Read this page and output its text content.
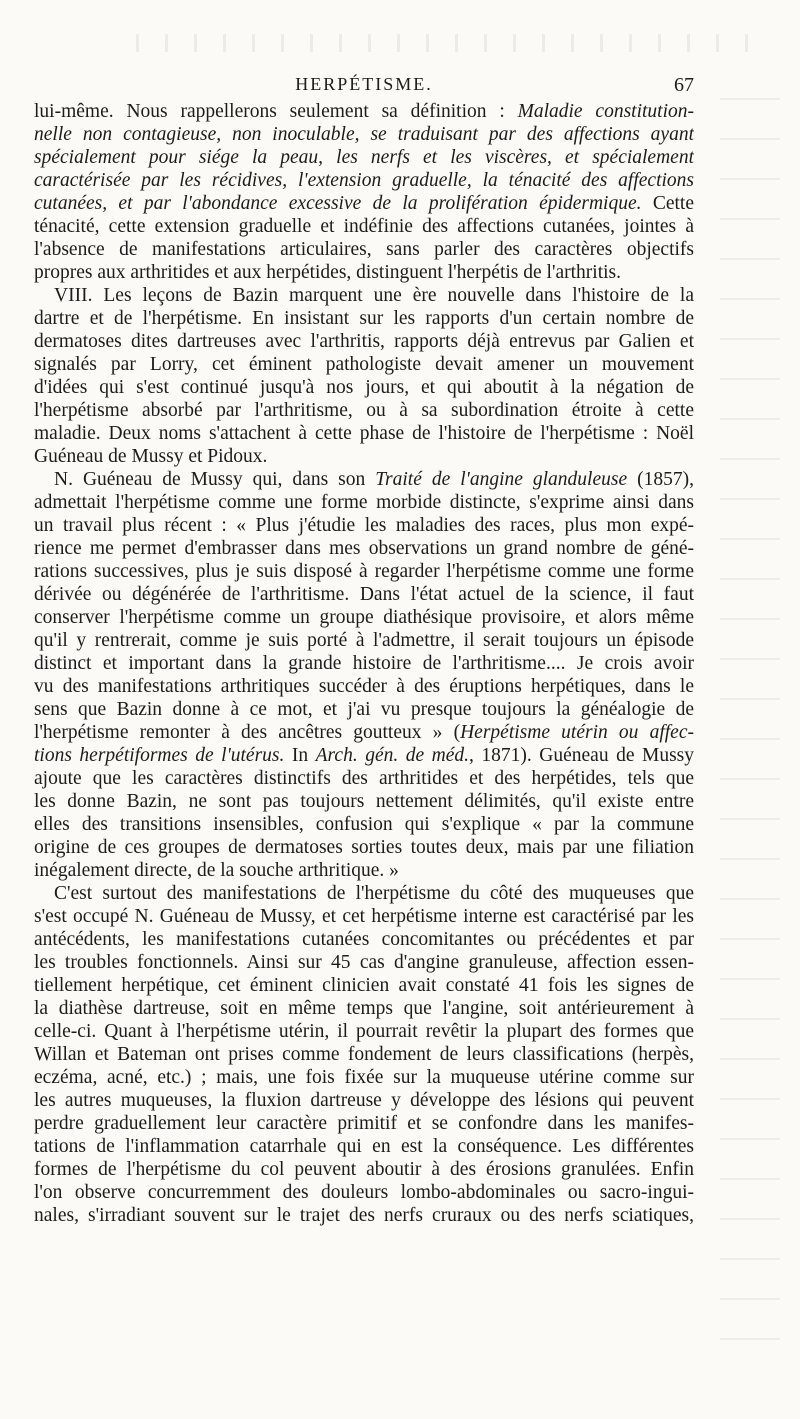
HERPÉTISME.	67
lui-même. Nous rappellerons seulement sa définition : Maladie constitution-
nelle non contagieuse, non inoculable, se traduisant par des affections ayant
spécialement pour siége la peau, les nerfs et les viscères, et spécialement
caractérisée par les récidives, l'extension graduelle, la ténacité des affections
cutanées, et par l'abondance excessive de la prolifération épidermique. Cette
ténacité, cette extension graduelle et indéfinie des affections cutanées, jointes à
l'absence de manifestations articulaires, sans parler des caractères objectifs
propres aux arthritides et aux herpétides, distinguent l'herpétis de l'arthritis.
VIII. Les leçons de Bazin marquent une ère nouvelle dans l'histoire de la
dartre et de l'herpétisme. En insistant sur les rapports d'un certain nombre de
dermatoses dites dartreuses avec l'arthritis, rapports déjà entrevus par Galien et
signalés par Lorry, cet éminent pathologiste devait amener un mouvement
d'idées qui s'est continué jusqu'à nos jours, et qui aboutit à la négation de
l'herpétisme absorbé par l'arthritisme, ou à sa subordination étroite à cette
maladie. Deux noms s'attachent à cette phase de l'histoire de l'herpétisme : Noël
Guéneau de Mussy et Pidoux.
N. Guéneau de Mussy qui, dans son Traité de l'angine glanduleuse (1857),
admettait l'herpétisme comme une forme morbide distincte, s'exprime ainsi dans
un travail plus récent : « Plus j'étudie les maladies des races, plus mon expé-
rience me permet d'embrasser dans mes observations un grand nombre de géné-
rations successives, plus je suis disposé à regarder l'herpétisme comme une forme
dérivée ou dégénérée de l'arthritisme. Dans l'état actuel de la science, il faut
conserver l'herpétisme comme un groupe diathésique provisoire, et alors même
qu'il y rentrerait, comme je suis porté à l'admettre, il serait toujours un épisode
distinct et important dans la grande histoire de l'arthritisme.... Je crois avoir
vu des manifestations arthritiques succéder à des éruptions herpétiques, dans le
sens que Bazin donne à ce mot, et j'ai vu presque toujours la généalogie de
l'herpétisme remonter à des ancêtres goutteux » (Herpétisme utérin ou affec-
tions herpétiformes de l'utérus. In Arch. gén. de méd., 1871). Guéneau de Mussy
ajoute que les caractères distinctifs des arthritides et des herpétides, tels que
les donne Bazin, ne sont pas toujours nettement délimités, qu'il existe entre
elles des transitions insensibles, confusion qui s'explique « par la commune
origine de ces groupes de dermatoses sorties toutes deux, mais par une filiation
inégalement directe, de la souche arthritique. »
C'est surtout des manifestations de l'herpétisme du côté des muqueuses que
s'est occupé N. Guéneau de Mussy, et cet herpétisme interne est caractérisé par les
antécédents, les manifestations cutanées concomitantes ou précédentes et par
les troubles fonctionnels. Ainsi sur 45 cas d'angine granuleuse, affection essen-
tiellement herpétique, cet éminent clinicien avait constaté 41 fois les signes de
la diathèse dartreuse, soit en même temps que l'angine, soit antérieurement à
celle-ci. Quant à l'herpétisme utérin, il pourrait revêtir la plupart des formes que
Willan et Bateman ont prises comme fondement de leurs classifications (herpès,
eczéma, acné, etc.) ; mais, une fois fixée sur la muqueuse utérine comme sur
les autres muqueuses, la fluxion dartreuse y développe des lésions qui peuvent
perdre graduellement leur caractère primitif et se confondre dans les manifes-
tations de l'inflammation catarrhale qui en est la conséquence. Les différentes
formes de l'herpétisme du col peuvent aboutir à des érosions granulées. Enfin
l'on observe concurremment des douleurs lombo-abdominales ou sacro-ingui-
nales, s'irradiant souvent sur le trajet des nerfs cruraux ou des nerfs sciatiques,
